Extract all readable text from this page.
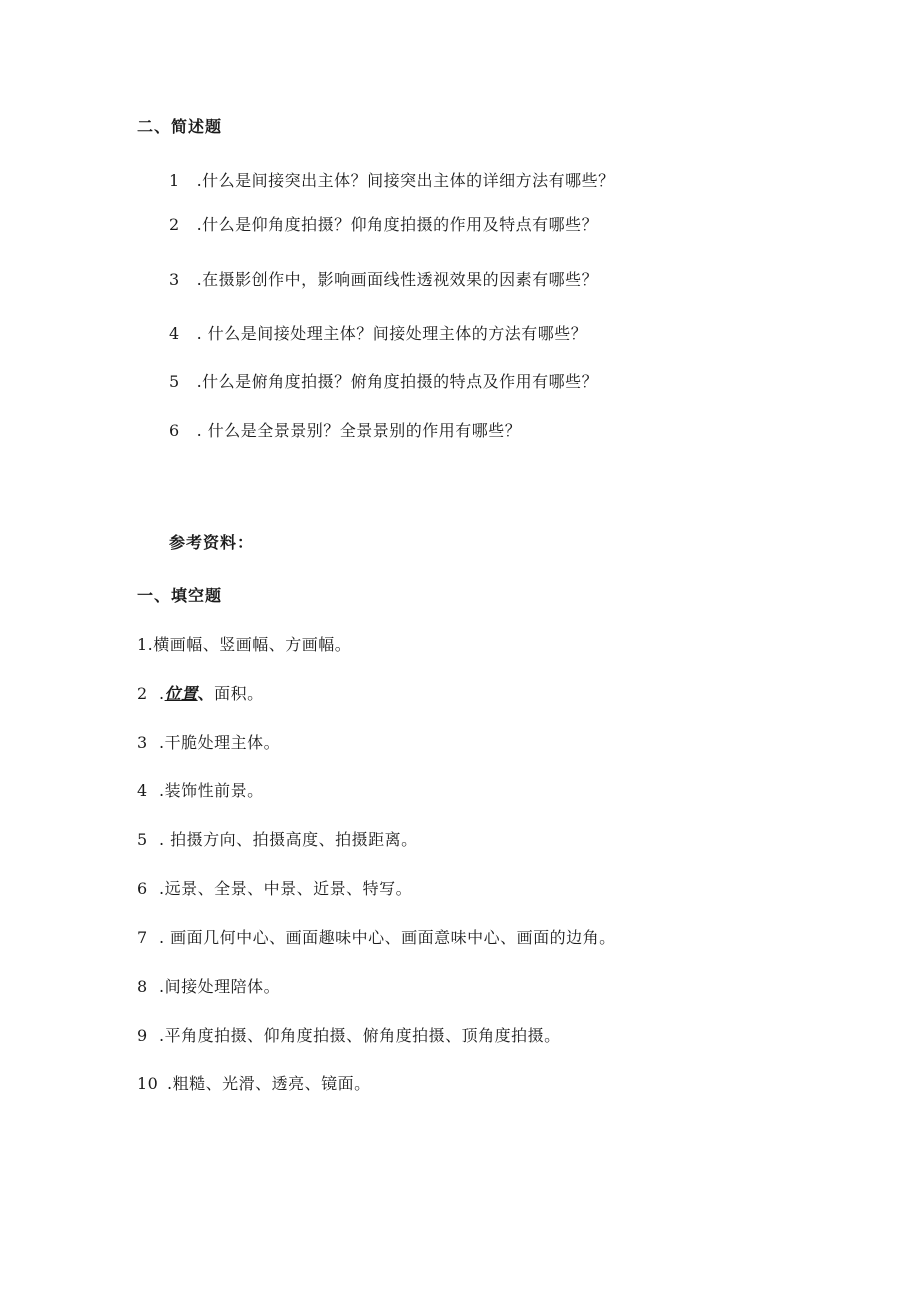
二、简述题
1 .什么是间接突出主体？间接突出主体的详细方法有哪些？
2 .什么是仰角度拍摄？仰角度拍摄的作用及特点有哪些？
3 .在摄影创作中，影响画面线性透视效果的因素有哪些？
4 . 什么是间接处理主体？间接处理主体的方法有哪些？
5 .什么是俯角度拍摄？俯角度拍摄的特点及作用有哪些？
6 . 什么是全景景别？全景景别的作用有哪些？
参考资料：
一、填空题
1.横画幅、竖画幅、方画幅。
2 .位置、面积。
3 .干脆处理主体。
4 .装饰性前景。
5 . 拍摄方向、拍摄高度、拍摄距离。
6 .远景、全景、中景、近景、特写。
7 . 画面几何中心、画面趣味中心、画面意味中心、画面的边角。
8 .间接处理陪体。
9 .平角度拍摄、仰角度拍摄、俯角度拍摄、顶角度拍摄。
10 .粗糙、光滑、透亮、镜面。
